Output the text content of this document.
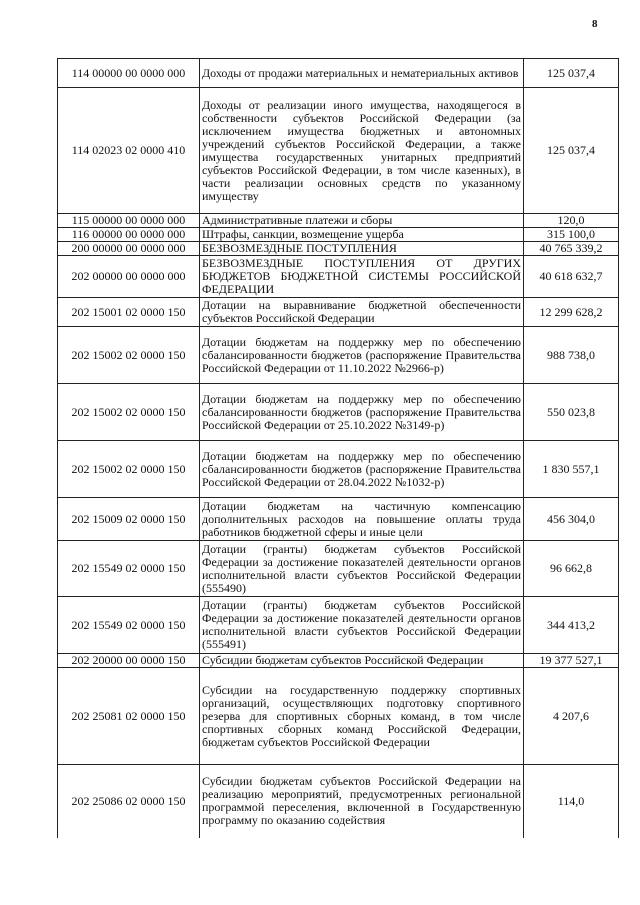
8
114 00000 00 0000 000	Доходы от продажи материальных и нематериальных активов	125 037,4
114 02023 02 0000 410	Доходы от реализации иного имущества, находящегося в собственности субъектов Российской Федерации (за исключением имущества бюджетных и автономных учреждений субъектов Российской Федерации, а также имущества государственных унитарных предприятий субъектов Российской Федерации, в том числе казенных), в части реализации основных средств по указанному имуществу	125 037,4
115 00000 00 0000 000	Административные платежи и сборы	120,0
116 00000 00 0000 000	Штрафы, санкции, возмещение ущерба	315 100,0
200 00000 00 0000 000	БЕЗВОЗМЕЗДНЫЕ ПОСТУПЛЕНИЯ	40 765 339,2
202 00000 00 0000 000	БЕЗВОЗМЕЗДНЫЕ ПОСТУПЛЕНИЯ ОТ ДРУГИХ БЮДЖЕТОВ БЮДЖЕТНОЙ СИСТЕМЫ РОССИЙСКОЙ ФЕДЕРАЦИИ	40 618 632,7
202 15001 02 0000 150	Дотации на выравнивание бюджетной обеспеченности субъектов Российской Федерации	12 299 628,2
202 15002 02 0000 150	Дотации бюджетам на поддержку мер по обеспечению сбалансированности бюджетов (распоряжение Правительства Российской Федерации от 11.10.2022 №2966-р)	988 738,0
202 15002 02 0000 150	Дотации бюджетам на поддержку мер по обеспечению сбалансированности бюджетов (распоряжение Правительства Российской Федерации от 25.10.2022 №3149-р)	550 023,8
202 15002 02 0000 150	Дотации бюджетам на поддержку мер по обеспечению сбалансированности бюджетов (распоряжение Правительства Российской Федерации от 28.04.2022 №1032-р)	1 830 557,1
202 15009 02 0000 150	Дотации бюджетам на частичную компенсацию дополнительных расходов на повышение оплаты труда работников бюджетной сферы и иные цели	456 304,0
202 15549 02 0000 150	Дотации (гранты) бюджетам субъектов Российской Федерации за достижение показателей деятельности органов исполнительной власти субъектов Российской Федерации (555490)	96 662,8
202 15549 02 0000 150	Дотации (гранты) бюджетам субъектов Российской Федерации за достижение показателей деятельности органов исполнительной власти субъектов Российской Федерации (555491)	344 413,2
202 20000 00 0000 150	Субсидии бюджетам субъектов Российской Федерации	19 377 527,1
202 25081 02 0000 150	Субсидии на государственную поддержку спортивных организаций, осуществляющих подготовку спортивного резерва для спортивных сборных команд, в том числе спортивных сборных команд Российской Федерации, бюджетам субъектов Российской Федерации	4 207,6
202 25086 02 0000 150	Субсидии бюджетам субъектов Российской Федерации на реализацию мероприятий, предусмотренных региональной программой переселения, включенной в Государственную программу по оказанию содействия	114,0
